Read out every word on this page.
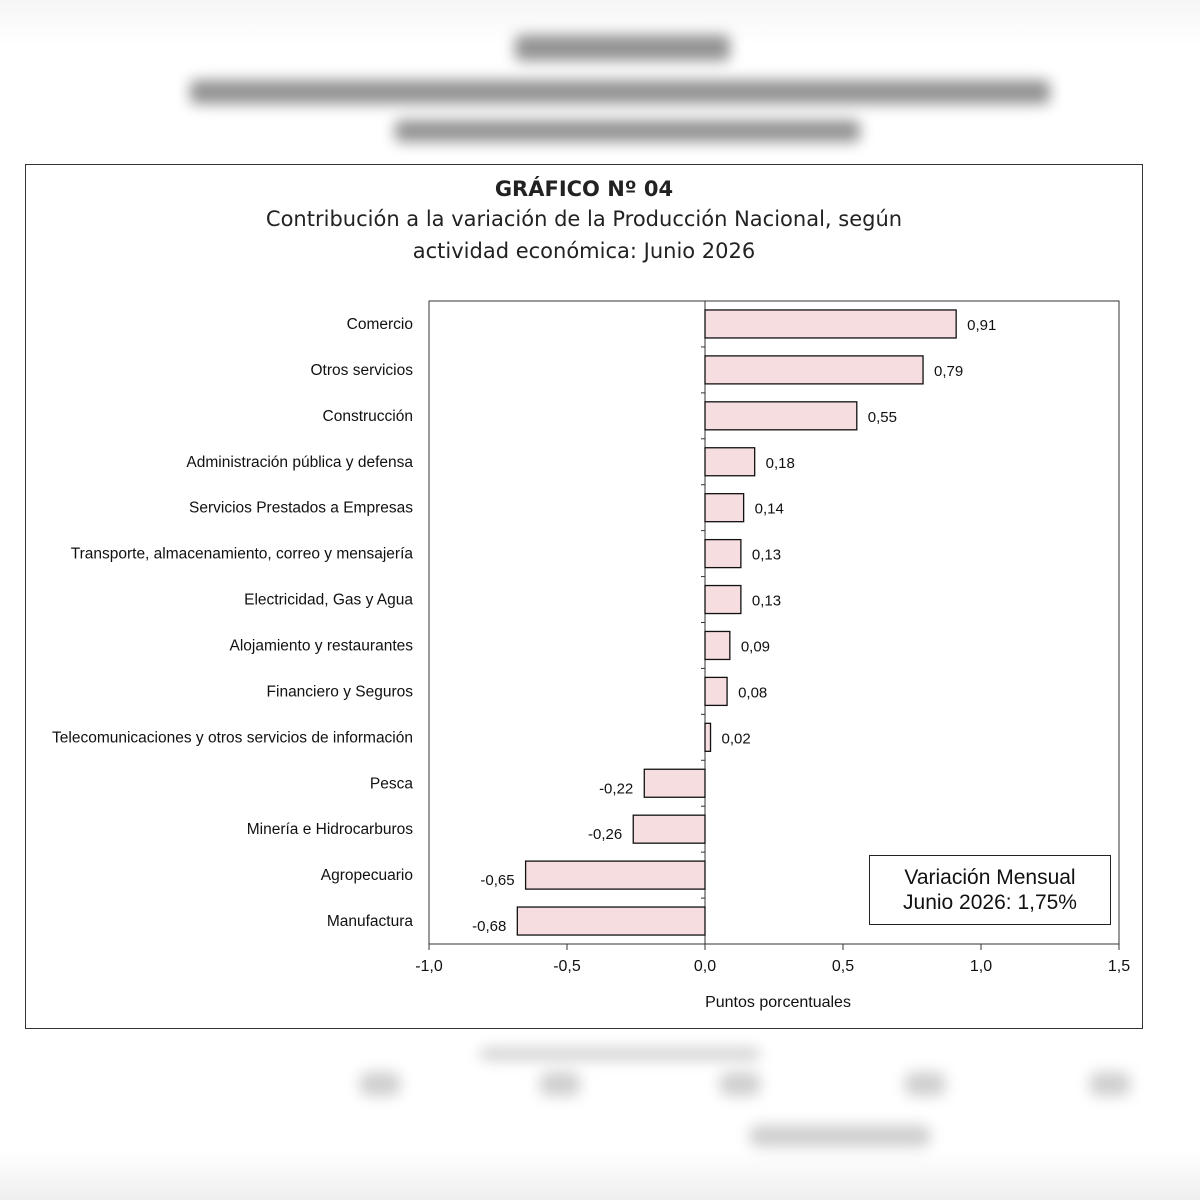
GRÁFICO Nº 04
Contribución a la variación de la Producción Nacional, según
actividad económica: Junio 2026
Comercio	0,91
Otros servicios	0,79
Construcción	0,55
Administración pública y defensa	0,18
Servicios Prestados a Empresas	0,14
Transporte, almacenamiento, correo y mensajería	0,13
Electricidad, Gas y Agua	0,13
Alojamiento y restaurantes	0,09
Financiero y Seguros	0,08
Telecomunicaciones y otros servicios de información	0,02
Pesca	-0,22
Minería e Hidrocarburos	-0,26
Agropecuario	-0,65
Manufactura	-0,68
-1,0	-0,5	0,0	0,5	1,0	1,5
Puntos porcentuales
Variación Mensual
Junio 2026: 1,75%
